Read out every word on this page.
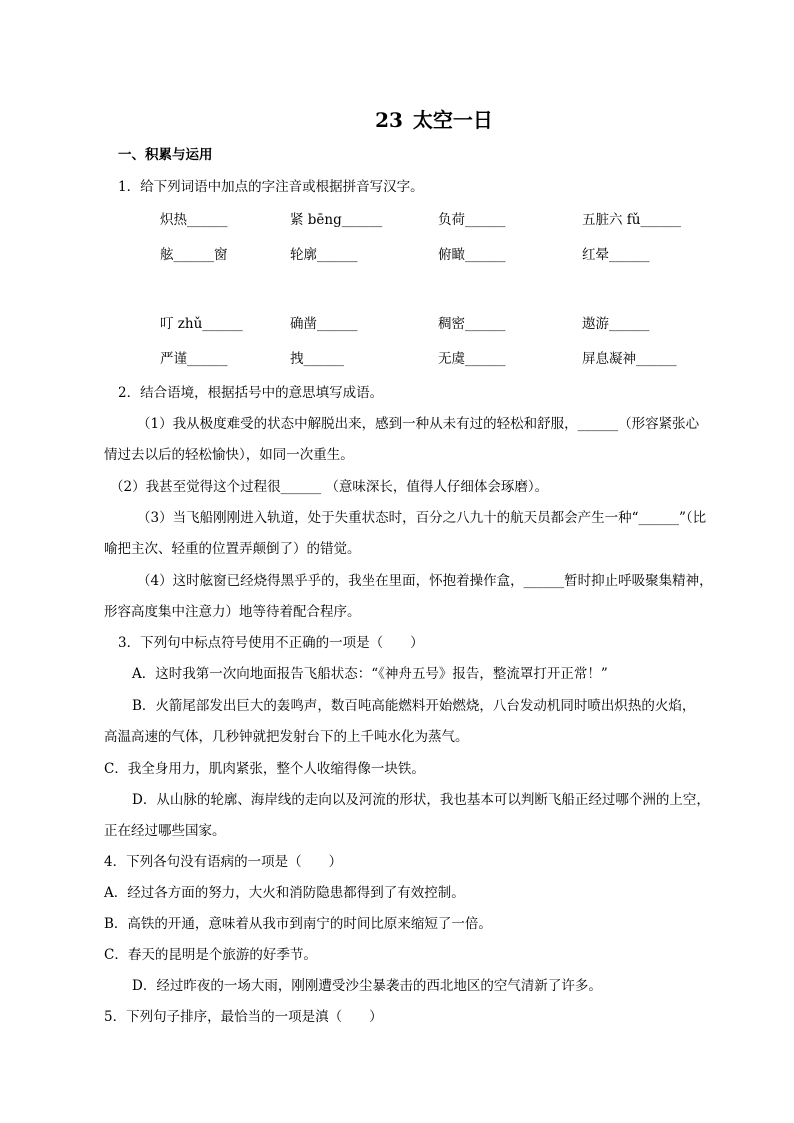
23 太空一日
一、积累与运用
1．给下列词语中加点的字注音或根据拼音写汉字。
炽热______	紧 bēng______	负荷______	五脏六 fǔ______
舷______窗	轮廓______	俯瞰______	红晕______
叮 zhǔ______	确凿______	稠密______	遨游______
严谨______	拽______	无虞______	屏息凝神______
2．结合语境，根据括号中的意思填写成语。
（1）我从极度难受的状态中解脱出来，感到一种从未有过的轻松和舒服，______（形容紧张心
情过去以后的轻松愉快），如同一次重生。
（2）我甚至觉得这个过程很______ （意味深长，值得人仔细体会琢磨）。
（3）当飞船刚刚进入轨道，处于失重状态时，百分之八九十的航天员都会产生一种“______”（比
喻把主次、轻重的位置弄颠倒了）的错觉。
（4）这时舷窗已经烧得黑乎乎的，我坐在里面，怀抱着操作盒，______暂时抑止呼吸聚集精神，
形容高度集中注意力）地等待着配合程序。
3．下列句中标点符号使用不正确的一项是（　　）
A．这时我第一次向地面报告飞船状态：“《神舟五号》报告，整流罩打开正常！”
B．火箭尾部发出巨大的轰鸣声，数百吨高能燃料开始燃烧，八台发动机同时喷出炽热的火焰，
高温高速的气体，几秒钟就把发射台下的上千吨水化为蒸气。
C．我全身用力，肌肉紧张，整个人收缩得像一块铁。
D．从山脉的轮廓、海岸线的走向以及河流的形状，我也基本可以判断飞船正经过哪个洲的上空，
正在经过哪些国家。
4．下列各句没有语病的一项是（　　）
A．经过各方面的努力，大火和消防隐患都得到了有效控制。
B．高铁的开通，意味着从我市到南宁的时间比原来缩短了一倍。
C．春天的昆明是个旅游的好季节。
D．经过昨夜的一场大雨，刚刚遭受沙尘暴袭击的西北地区的空气清新了许多。
5．下列句子排序，最恰当的一项是滇（　　）
